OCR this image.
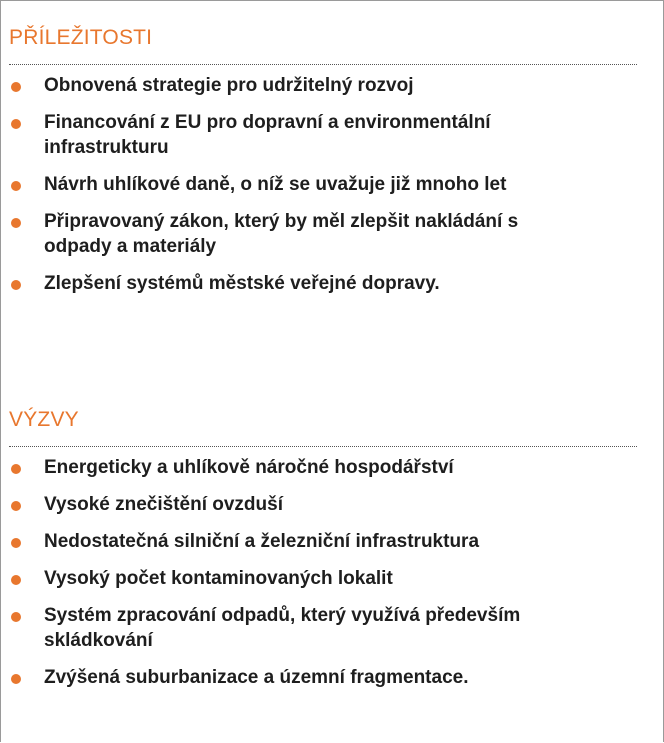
PŘÍLEŽITOSTI
Obnovená strategie pro udržitelný rozvoj
Financování z EU pro dopravní a environmentální infrastrukturu
Návrh uhlíkové daně, o níž se uvažuje již mnoho let
Připravovaný zákon, který by měl zlepšit nakládání s odpady a materiály
Zlepšení systémů městské veřejné dopravy.
VÝZVY
Energeticky a uhlíkově náročné hospodářství
Vysoké znečištění ovzduší
Nedostatečná silniční a železniční infrastruktura
Vysoký počet kontaminovaných lokalit
Systém zpracování odpadů, který využívá především skládkování
Zvýšená suburbanizace a územní fragmentace.
